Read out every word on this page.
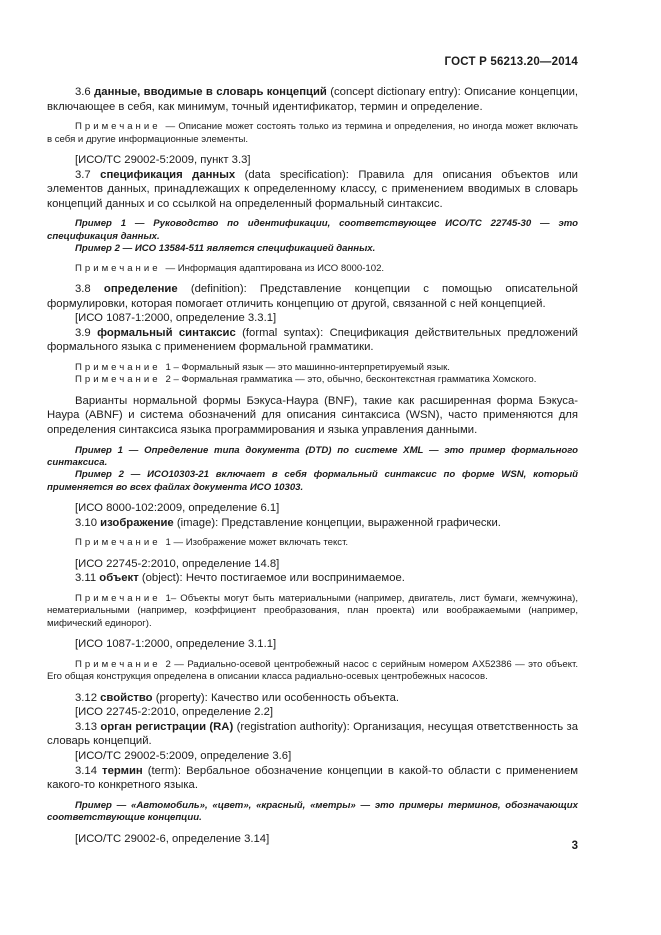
ГОСТ Р 56213.20—2014

3.6 данные, вводимые в словарь концепций (concept dictionary entry): Описание концепции, включающее в себя, как минимум, точный идентификатор, термин и определение.

Примечание — Описание может состоять только из термина и определения, но иногда может включать в себя и другие информационные элементы.

[ИСО/ТС 29002-5:2009, пункт 3.3]

3.7 спецификация данных (data specification): Правила для описания объектов или элементов данных, принадлежащих к определенному классу, с применением вводимых в словарь концепций данных и со ссылкой на определенный формальный синтаксис.

Пример 1 — Руководство по идентификации, соответствующее ИСО/ТС 22745-30 — это спецификация данных.

Пример 2 — ИСО 13584-511 является спецификацией данных.

Примечание — Информация адаптирована из ИСО 8000-102.

3.8 определение (definition): Представление концепции с помощью описательной формулировки, которая помогает отличить концепцию от другой, связанной с ней концепцией.

[ИСО 1087-1:2000, определение 3.3.1]

3.9 формальный синтаксис (formal syntax): Спецификация действительных предложений формального языка с применением формальной грамматики.

Примечание 1 – Формальный язык — это машинно-интерпретируемый язык.

Примечание 2 – Формальная грамматика — это, обычно, бесконтекстная грамматика Хомского.

Варианты нормальной формы Бэкуса-Наура (BNF), такие как расширенная форма Бэкуса-Наура (ABNF) и система обозначений для описания синтаксиса (WSN), часто применяются для определения синтаксиса языка программирования и языка управления данными.

Пример 1 — Определение типа документа (DTD) по системе XML — это пример формального синтаксиса.

Пример 2 — ИСО10303-21 включает в себя формальный синтаксис по форме WSN, который применяется во всех файлах документа ИСО 10303.

[ИСО 8000-102:2009, определение 6.1]

3.10 изображение (image): Представление концепции, выраженной графически.

Примечание 1 — Изображение может включать текст.

[ИСО 22745-2:2010, определение 14.8]

3.11 объект (object): Нечто постигаемое или воспринимаемое.

Примечание 1– Объекты могут быть материальными (например, двигатель, лист бумаги, жемчужина), нематериальными (например, коэффициент преобразования, план проекта) или воображаемыми (например, мифический единорог).

[ИСО 1087-1:2000, определение 3.1.1]

Примечание 2 — Радиально-осевой центробежный насос с серийным номером AX52386 — это объект. Его общая конструкция определена в описании класса радиально-осевых центробежных насосов.

3.12 свойство (property): Качество или особенность объекта.

[ИСО 22745-2:2010, определение 2.2]

3.13 орган регистрации (RA) (registration authority): Организация, несущая ответственность за словарь концепций.

[ИСО/ТС 29002-5:2009, определение 3.6]

3.14 термин (term): Вербальное обозначение концепции в какой-то области с применением какого-то конкретного языка.

Пример — «Автомобиль», «цвет», «красный, «метры» — это примеры терминов, обозначающих соответствующие концепции.

[ИСО/ТС 29002-6, определение 3.14]

3
